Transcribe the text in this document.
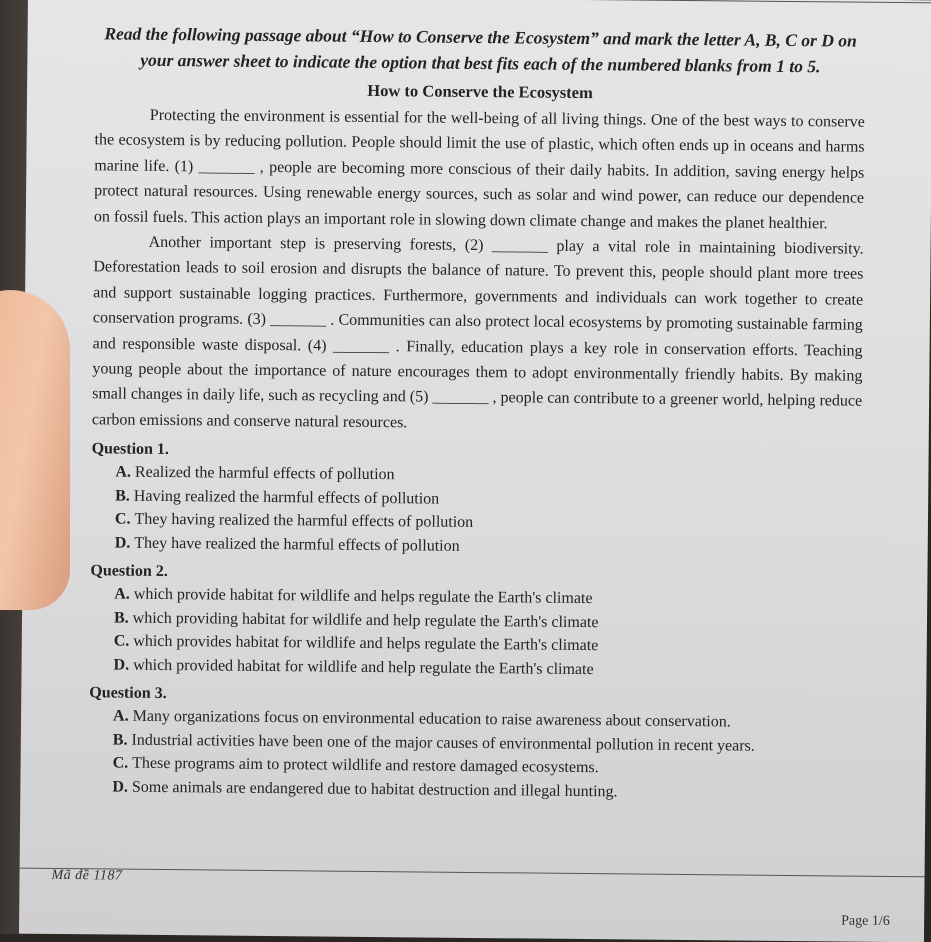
Read the following passage about “How to Conserve the Ecosystem” and mark the letter A, B, C or D on your answer sheet to indicate the option that best fits each of the numbered blanks from 1 to 5.

How to Conserve the Ecosystem

Protecting the environment is essential for the well-being of all living things. One of the best ways to conserve the ecosystem is by reducing pollution. People should limit the use of plastic, which often ends up in oceans and harms marine life. (1) _______ , people are becoming more conscious of their daily habits. In addition, saving energy helps protect natural resources. Using renewable energy sources, such as solar and wind power, can reduce our dependence on fossil fuels. This action plays an important role in slowing down climate change and makes the planet healthier.

Another important step is preserving forests, (2) _______ play a vital role in maintaining biodiversity. Deforestation leads to soil erosion and disrupts the balance of nature. To prevent this, people should plant more trees and support sustainable logging practices. Furthermore, governments and individuals can work together to create conservation programs. (3) _______ . Communities can also protect local ecosystems by promoting sustainable farming and responsible waste disposal. (4) _______ . Finally, education plays a key role in conservation efforts. Teaching young people about the importance of nature encourages them to adopt environmentally friendly habits. By making small changes in daily life, such as recycling and (5) _______ , people can contribute to a greener world, helping reduce carbon emissions and conserve natural resources.

Question 1.

A. Realized the harmful effects of pollution

B. Having realized the harmful effects of pollution

C. They having realized the harmful effects of pollution

D. They have realized the harmful effects of pollution

Question 2.

A. which provide habitat for wildlife and helps regulate the Earth's climate

B. which providing habitat for wildlife and help regulate the Earth's climate

C. which provides habitat for wildlife and helps regulate the Earth's climate

D. which provided habitat for wildlife and help regulate the Earth's climate

Question 3.

A. Many organizations focus on environmental education to raise awareness about conservation.

B. Industrial activities have been one of the major causes of environmental pollution in recent years.

C. These programs aim to protect wildlife and restore damaged ecosystems.

D. Some animals are endangered due to habitat destruction and illegal hunting.

Mã đề 1187
Page 1/6
